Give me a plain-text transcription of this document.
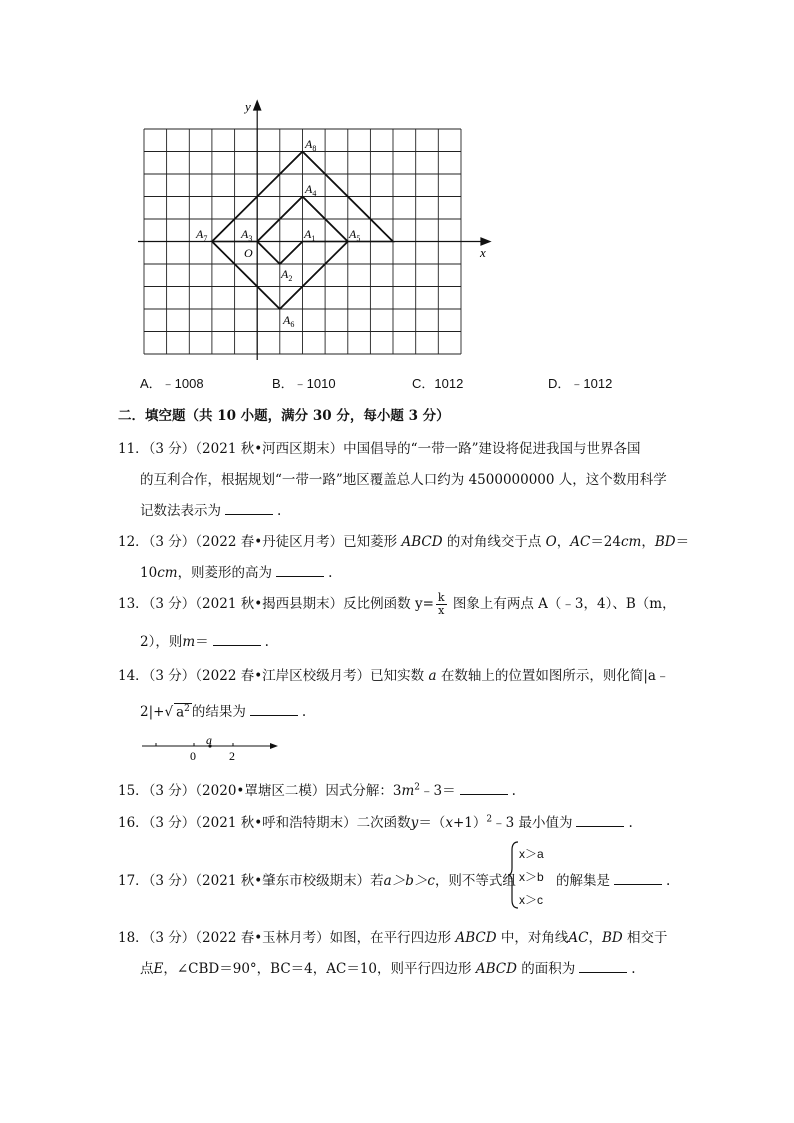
y
x
O
$A_8$
$A_4$
$A_7$	$A_3$	$A_1$	$A_5$
$A_2$
$A_6$
A．﹣1008	B．﹣1010	C．1012	D．﹣1012
二．填空题（共 10 小题，满分 30 分，每小题 3 分）
11．（3 分）（2021 秋•河西区期末）中国倡导的“一带一路”建设将促进我国与世界各国
的互利合作，根据规划“一带一路”地区覆盖总人口约为 4500000000 人，这个数用科学
记数法表示为	.
12．（3 分）（2022 春•丹徒区月考）已知菱形 ABCD 的对角线交于点 O，AC＝24cm，BD＝
10cm，则菱形的高为	.
13．（3 分）（2021 秋•揭西县期末）反比例函数 $y= \frac{k}{x}$ 图象上有两点 A（﹣3，4）、B（m，
2），则m＝	.
14．（3 分）（2022 春•江岸区校级月考）已知实数 a 在数轴上的位置如图所示，则化简|a﹣
2|+√ $a^2$ 的结果为	.
0	2
a
15．（3 分）（2020•罩塘区二模）因式分解：$3m^2﹣3=$	.
16．（3 分）（2021 秋•呼和浩特期末）二次函数$y=(x+1)^2﹣3$ 最小值为	.
17．（3 分）（2021 秋•肇东市校级期末）若a＞b＞c，则不等式组
x＞a
x＞b
x＞c
的解集是	.
18．（3 分）（2022 春•玉林月考）如图，在平行四边形 ABCD 中，对角线AC，BD 相交于
点E，∠CBD＝90°，BC＝4，AC＝10，则平行四边形 ABCD 的面积为	.
